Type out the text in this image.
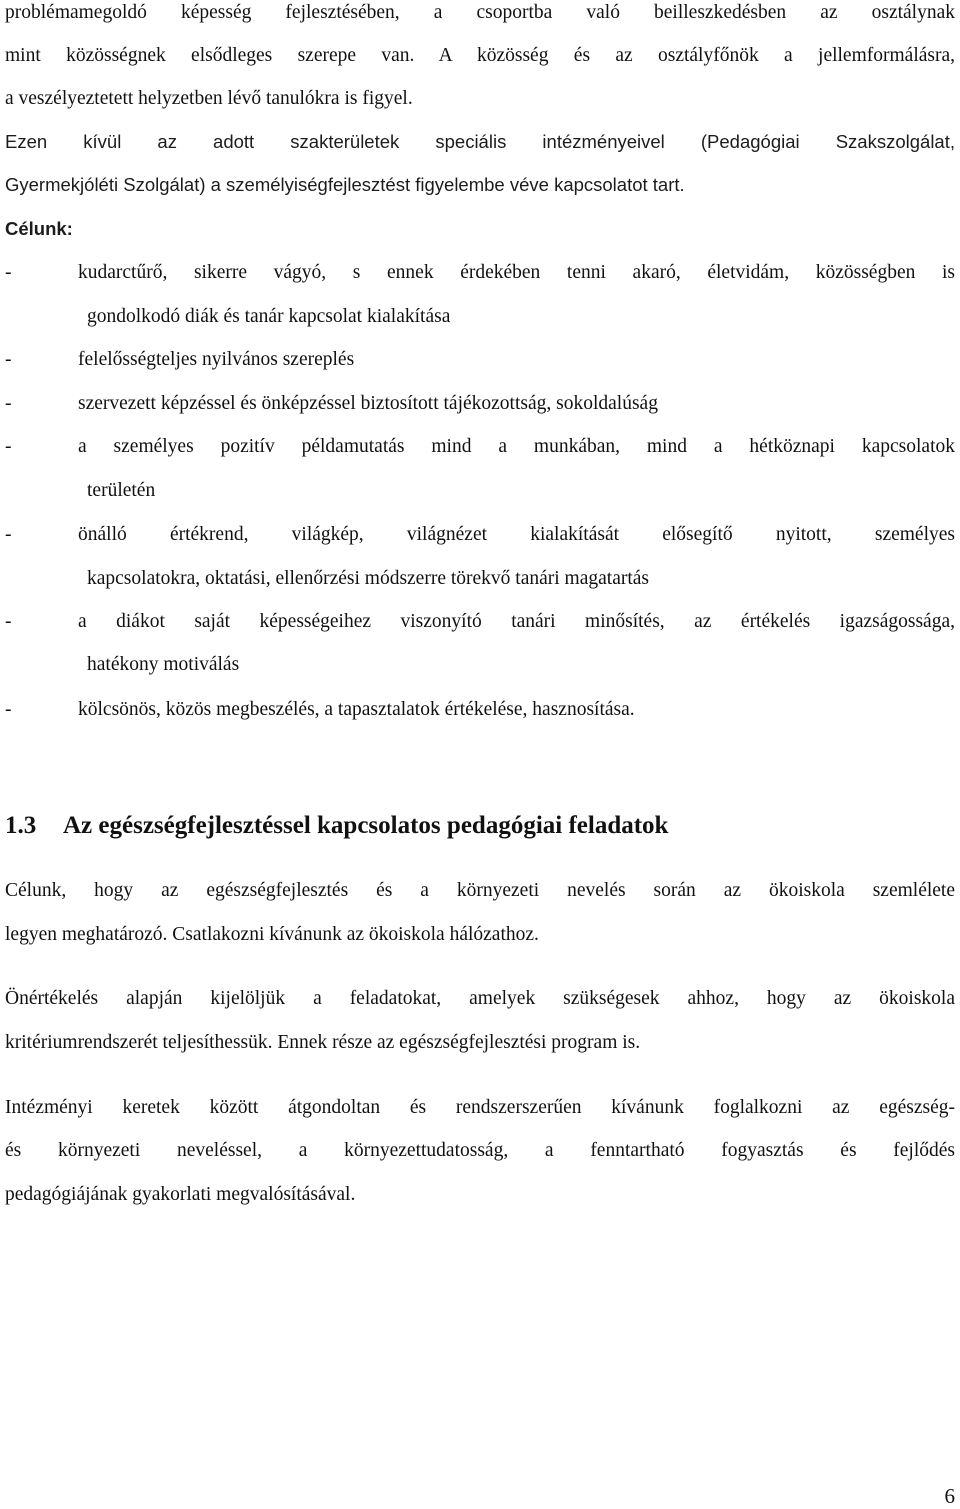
problémamegoldó képesség fejlesztésében, a csoportba való beilleszkedésben az osztálynak
mint közösségnek elsődleges szerepe van. A közösség és az osztályfőnök a jellemformálásra,
a veszélyeztetett helyzetben lévő tanulókra is figyel.
Ezen kívül az adott szakterületek speciális intézményeivel (Pedagógiai Szakszolgálat,
Gyermekjóléti Szolgálat) a személyiségfejlesztést figyelembe véve kapcsolatot tart.
Célunk:
-	kudarctűrő, sikerre vágyó, s ennek érdekében tenni akaró, életvidám, közösségben is
gondolkodó diák és tanár kapcsolat kialakítása
-	felelősségteljes nyilvános szereplés
-	szervezett képzéssel és önképzéssel biztosított tájékozottság, sokoldalúság
-	a személyes pozitív példamutatás mind a munkában, mind a hétköznapi kapcsolatok
területén
-	önálló értékrend, világkép, világnézet kialakítását elősegítő nyitott, személyes
kapcsolatokra, oktatási, ellenőrzési módszerre törekvő tanári magatartás
-	a diákot saját képességeihez viszonyító tanári minősítés, az értékelés igazságossága,
hatékony motiválás
-	kölcsönös, közös megbeszélés, a tapasztalatok értékelése, hasznosítása.
1.3 Az egészségfejlesztéssel kapcsolatos pedagógiai feladatok
Célunk, hogy az egészségfejlesztés és a környezeti nevelés során az ökoiskola szemlélete
legyen meghatározó. Csatlakozni kívánunk az ökoiskola hálózathoz.
Önértékelés alapján kijelöljük a feladatokat, amelyek szükségesek ahhoz, hogy az ökoiskola
kritériumrendszerét teljesíthessük. Ennek része az egészségfejlesztési program is.
Intézményi keretek között átgondoltan és rendszerszerűen kívánunk foglalkozni az egészség-
és környezeti neveléssel, a környezettudatosság, a fenntartható fogyasztás és fejlődés
pedagógiájának gyakorlati megvalósításával.
6
